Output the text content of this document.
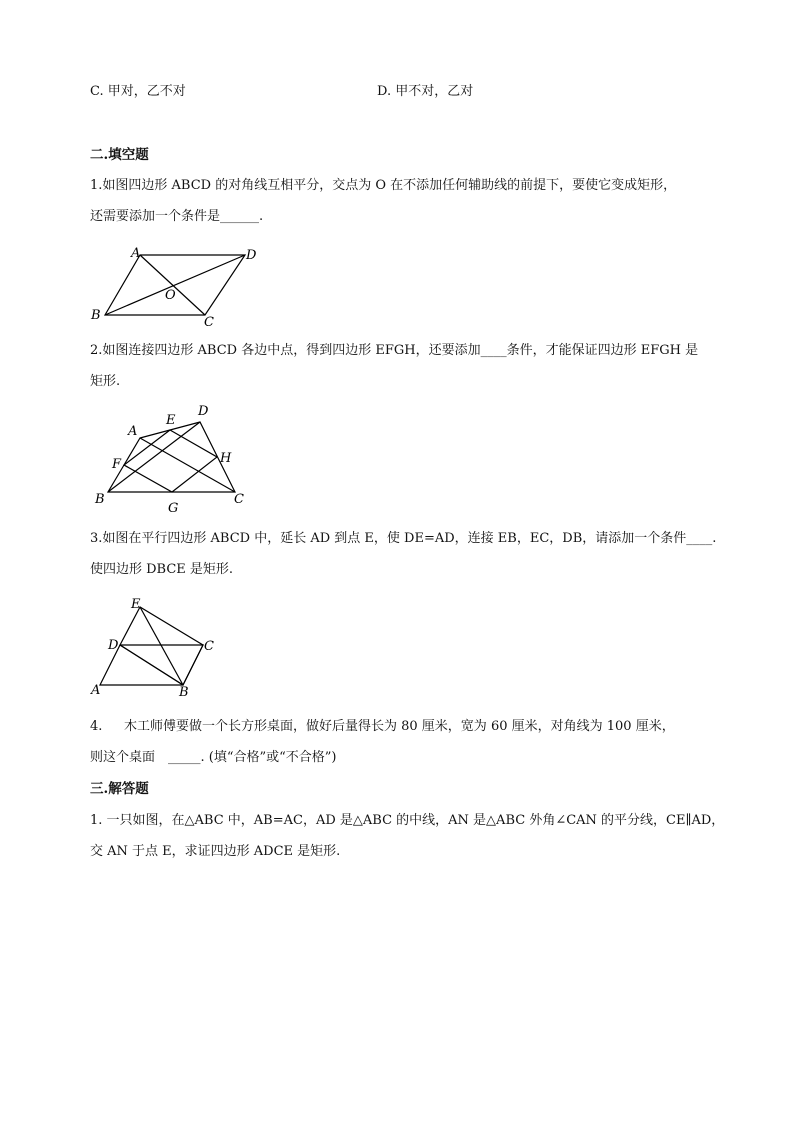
C. 甲对，乙不对	D. 甲不对，乙对
二.填空题
1.如图四边形 ABCD 的对角线互相平分，交点为 O 在不添加任何辅助线的前提下，要使它变成矩形，
还需要添加一个条件是______.
A	D
O
B	C
2.如图连接四边形 ABCD 各边中点，得到四边形 EFGH，还要添加____条件，才能保证四边形 EFGH 是
矩形.
A
E
D
F	H
B
G
C
3.如图在平行四边形 ABCD 中，延长 AD 到点 E，使 DE=AD，连接 EB，EC，DB，请添加一个条件____.
使四边形 DBCE 是矩形.
E
D	C
A	B
4. 木工师傅要做一个长方形桌面，做好后量得长为 80 厘米，宽为 60 厘米，对角线为 100 厘米，
则这个桌面　_____. (填“合格”或“不合格”)
三.解答题
1. 一只如图，在△ABC 中，AB=AC，AD 是△ABC 的中线，AN 是△ABC 外角∠CAN 的平分线，CE∥AD，
交 AN 于点 E，求证四边形 ADCE 是矩形.
